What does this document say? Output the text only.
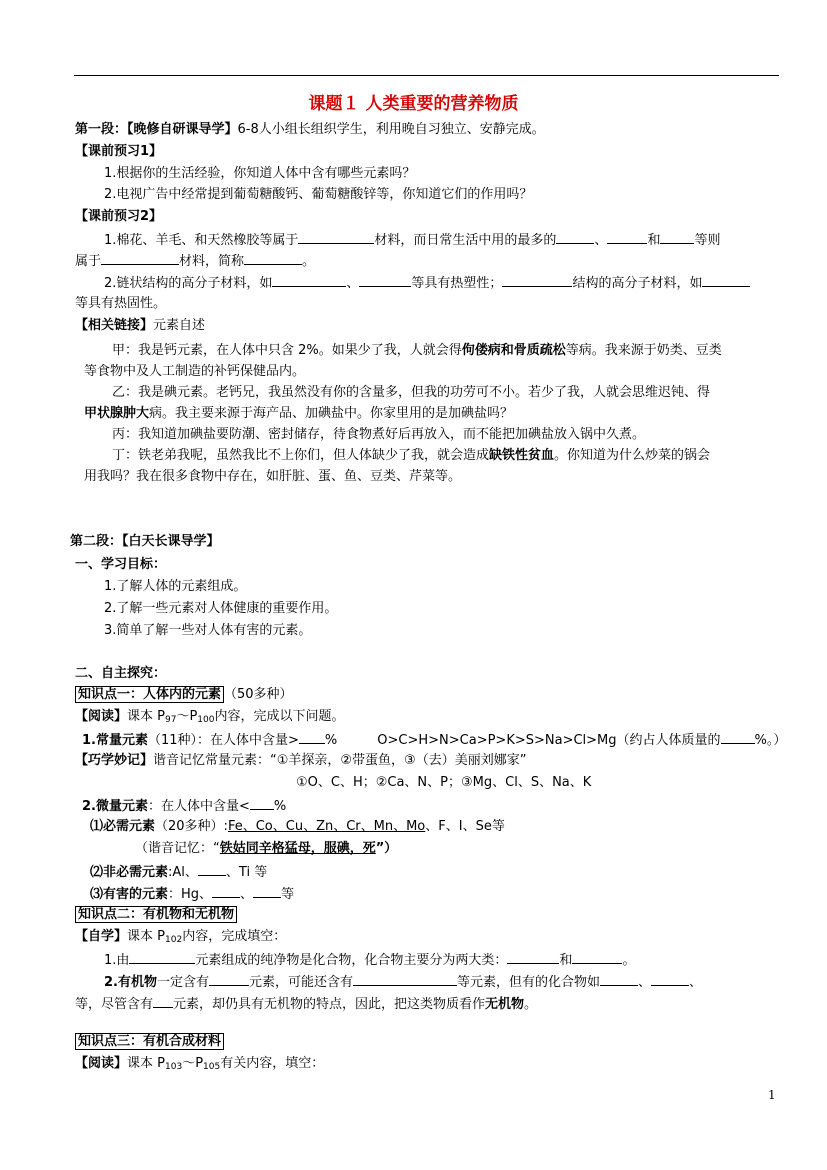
课题１ 人类重要的营养物质
第一段：【晚修自研课导学】6-8人小组长组织学生，利用晚自习独立、安静完成。
【课前预习1】
1.根据你的生活经验，你知道人体中含有哪些元素吗？
2.电视广告中经常提到葡萄糖酸钙、葡萄糖酸锌等，你知道它们的作用吗？
【课前预习2】
1.棉花、羊毛、和天然橡胶等属于	材料，而日常生活中用的最多的	、	和	等则
属于	材料，简称	。
2.链状结构的高分子材料，如	、	等具有热塑性；	结构的高分子材料，如
等具有热固性。
【相关链接】元素自述
甲：我是钙元素，在人体中只含 2%。如果少了我，人就会得佝偻病和骨质疏松等病。我来源于奶类、豆类
等食物中及人工制造的补钙保健品内。
乙：我是碘元素。老钙兄，我虽然没有你的含量多，但我的功劳可不小。若少了我，人就会思维迟钝、得
甲状腺肿大病。我主要来源于海产品、加碘盐中。你家里用的是加碘盐吗？
丙：我知道加碘盐要防潮、密封储存，待食物煮好后再放入，而不能把加碘盐放入锅中久煮。
丁：铁老弟我呢，虽然我比不上你们，但人体缺少了我，就会造成缺铁性贫血。你知道为什么炒菜的锅会
用我吗？我在很多食物中存在，如肝脏、蛋、鱼、豆类、芹菜等。
第二段：【白天长课导学】
一、学习目标：
1.了解人体的元素组成。
2.了解一些元素对人体健康的重要作用。
3.简单了解一些对人体有害的元素。
二、自主探究：
知识点一：人体内的元素 （50多种）
【阅读】课本 P97～P100内容，完成以下问题。
1.常量元素（11种）：在人体中含量> %	O>C>H>N>Ca>P>K>S>Na>Cl>Mg（约占人体质量的	%。）
【巧学妙记】谐音记忆常量元素：“①羊探亲，②带蛋鱼，③（去）美丽刘娜家”
①O、C、H；②Ca、N、P；③Mg、Cl、S、Na、K
2.微量元素：在人体中含量< %
⑴必需元素（20多种）:Fe、Co、Cu、Zn、Cr、Mn、Mo、F、I、Se等
（谐音记忆：“铁姑同辛格猛母，服碘，死”）
⑵非必需元素:Al、 、Ti 等
⑶有害的元素：Hg、 、 等
知识点二：有机物和无机物
【自学】课本 P102内容，完成填空：
1.由	元素组成的纯净物是化合物，化合物主要分为两大类：	和	。
2.有机物一定含有	元素，可能还含有	等元素，但有的化合物如	、	、
等，尽管含有 元素，却仍具有无机物的特点，因此，把这类物质看作无机物。
知识点三：有机合成材料
【阅读】课本 P103～P105有关内容，填空：
1
